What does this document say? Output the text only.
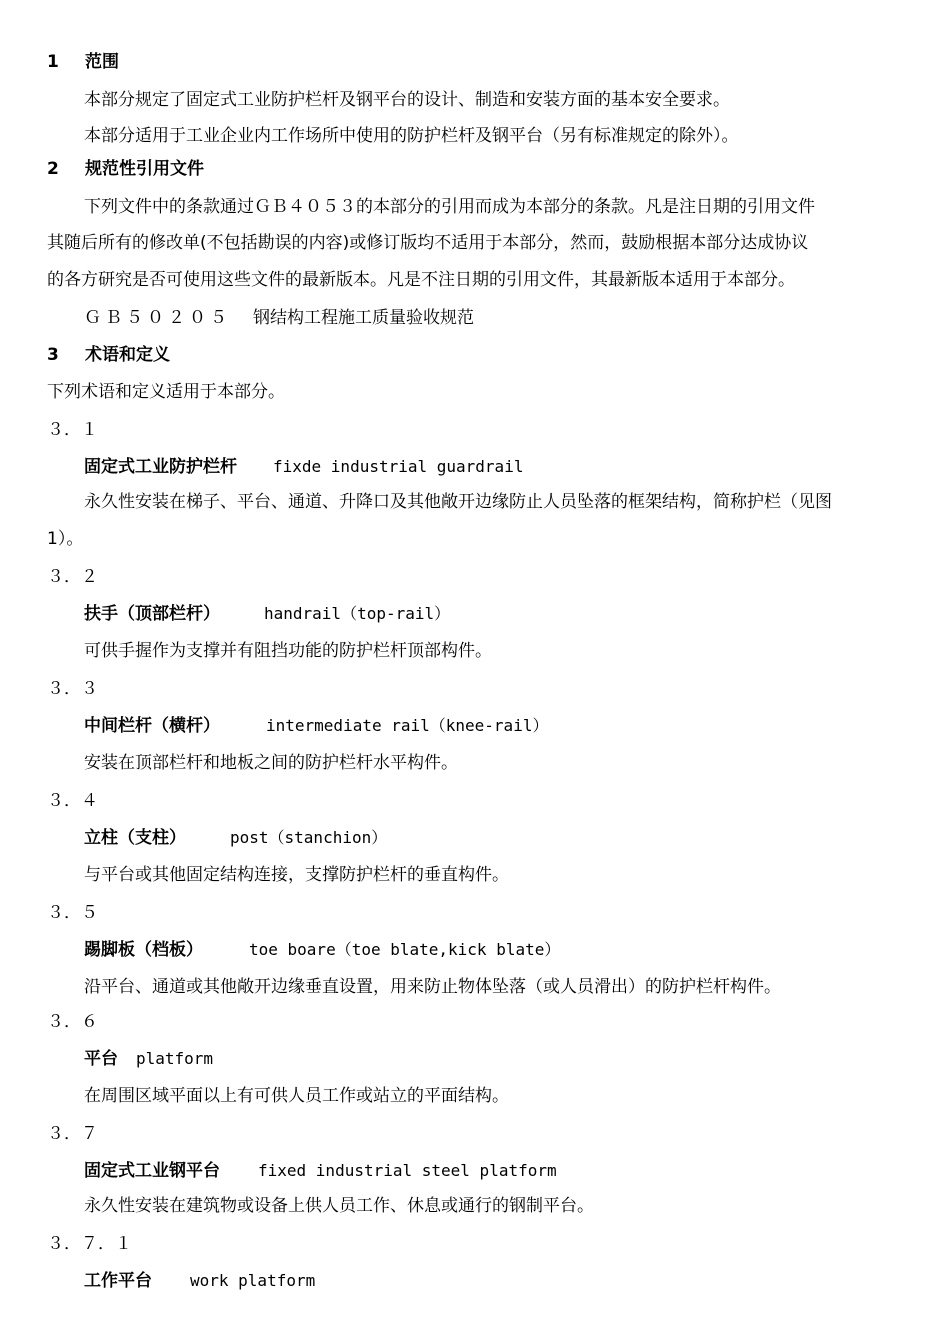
1 范围
本部分规定了固定式工业防护栏杆及钢平台的设计、制造和安装方面的基本安全要求。
本部分适用于工业企业内工作场所中使用的防护栏杆及钢平台（另有标准规定的除外）。
2 规范性引用文件
下列文件中的条款通过ＧＢ４０５３的本部分的引用而成为本部分的条款。凡是注日期的引用文件
其随后所有的修改单(不包括勘误的内容)或修订版均不适用于本部分，然而，鼓励根据本部分达成协议
的各方研究是否可使用这些文件的最新版本。凡是不注日期的引用文件，其最新版本适用于本部分。
ＧＢ５０２０５ 钢结构工程施工质量验收规范
3 术语和定义
下列术语和定义适用于本部分。
３．１
固定式工业防护栏杆 fixde industrial guardrail
永久性安装在梯子、平台、通道、升降口及其他敞开边缘防止人员坠落的框架结构，简称护栏（见图
1）。
３．２
扶手（顶部栏杆）	handrail（top-rail）
可供手握作为支撑并有阻挡功能的防护栏杆顶部构件。
３．３
中间栏杆（横杆）	intermediate rail（knee-rail）
安装在顶部栏杆和地板之间的防护栏杆水平构件。
３．４
立柱（支柱）	post（stanchion）
与平台或其他固定结构连接，支撑防护栏杆的垂直构件。
３．５
踢脚板（档板）	toe boare（toe blate,kick blate）
沿平台、通道或其他敞开边缘垂直设置，用来防止物体坠落（或人员滑出）的防护栏杆构件。
３．６
平台 platform
在周围区域平面以上有可供人员工作或站立的平面结构。
３．７
固定式工业钢平台 fixed industrial steel platform
永久性安装在建筑物或设备上供人员工作、休息或通行的钢制平台。
３．７．１
工作平台 work platform
